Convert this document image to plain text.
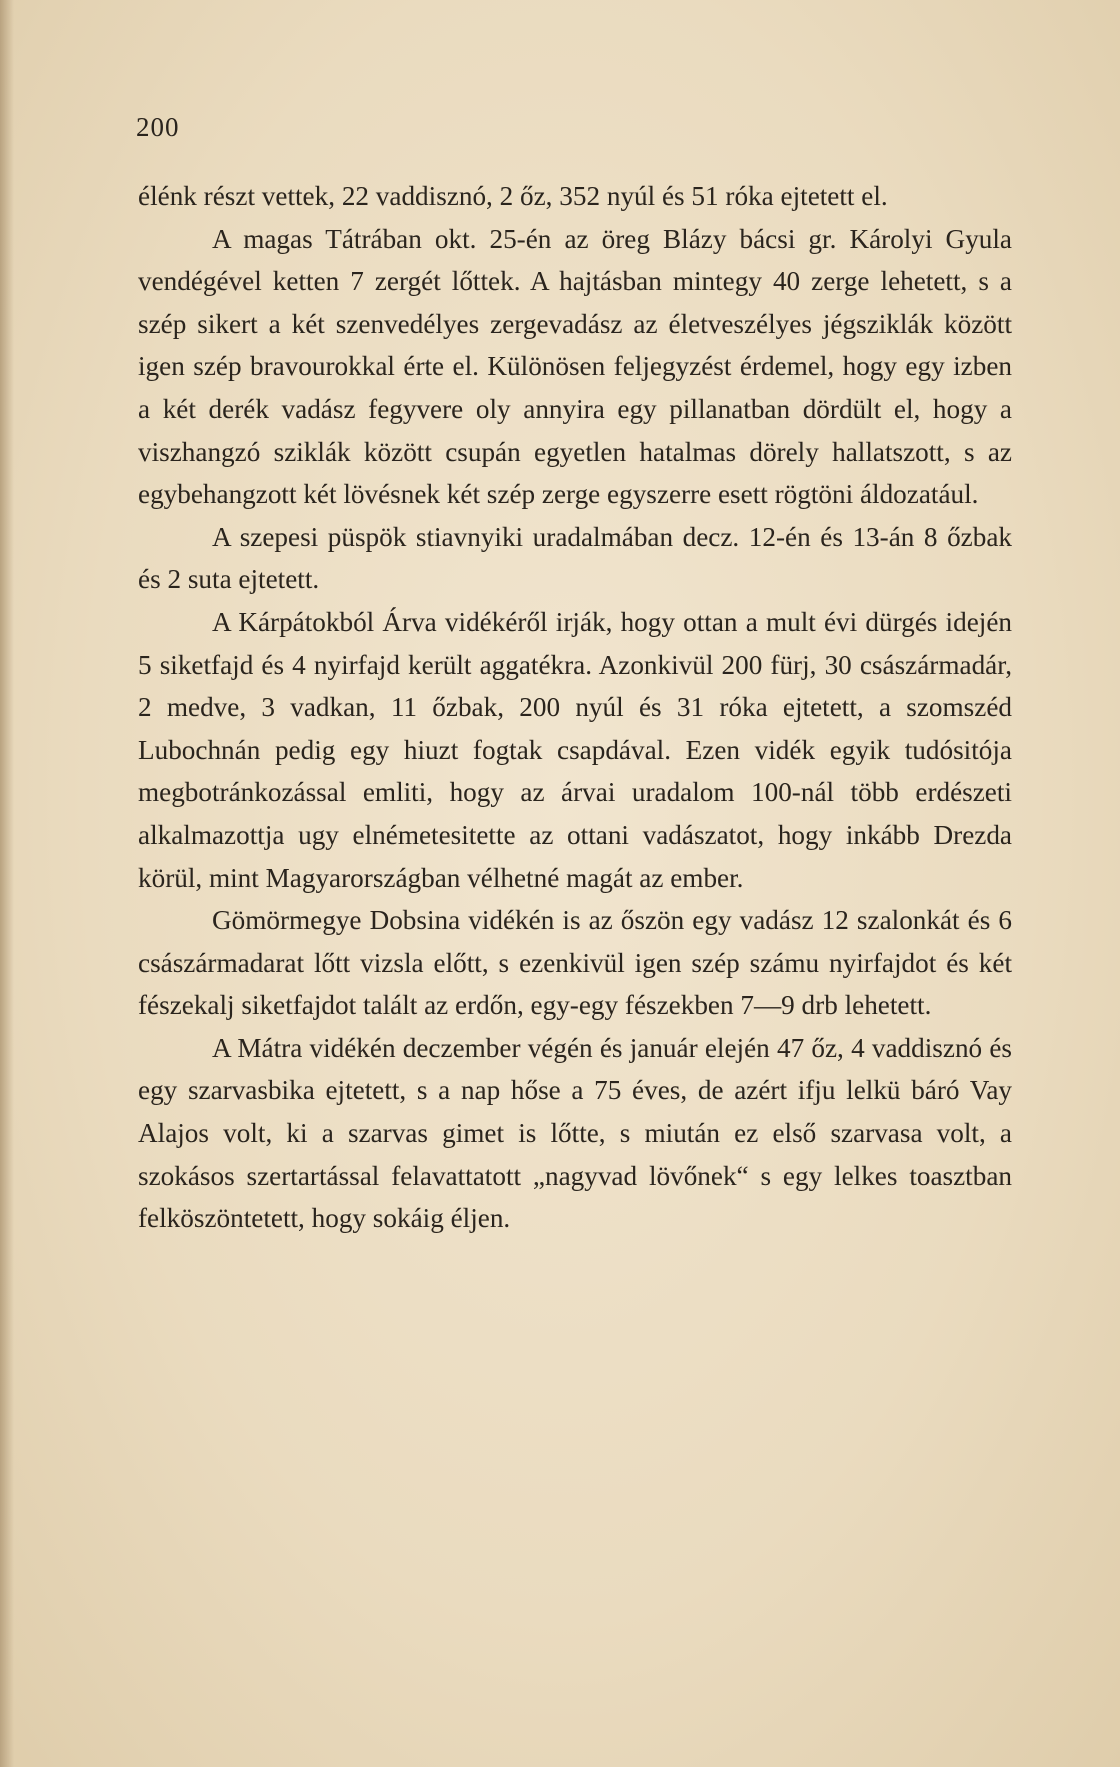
200

élénk részt vettek, 22 vaddisznó, 2 őz, 352 nyúl és 51 róka ejtetett el.

A magas Tátrában okt. 25-én az öreg Blázy bácsi gr. Károlyi Gyula vendégével ketten 7 zergét lőttek. A hajtásban mintegy 40 zerge lehetett, s a szép sikert a két szenvedélyes zergevadász az életveszélyes jégsziklák között igen szép bravourokkal érte el. Különösen feljegyzést érdemel, hogy egy izben a két derék vadász fegyvere oly annyira egy pillanatban dördült el, hogy a viszhangzó sziklák között csupán egyetlen hatalmas dörely hallatszott, s az egybehangzott két lövésnek két szép zerge egyszerre esett rögtöni áldozatául.

A szepesi püspök stiavnyiki uradalmában decz. 12-én és 13-án 8 őzbak és 2 suta ejtetett.

A Kárpátokból Árva vidékéről irják, hogy ottan a mult évi dürgés idején 5 siketfajd és 4 nyirfajd került aggatékra. Azonkivül 200 fürj, 30 császármadár, 2 medve, 3 vadkan, 11 őzbak, 200 nyúl és 31 róka ejtetett, a szomszéd Lubochnán pedig egy hiuzt fogtak csapdával. Ezen vidék egyik tudósitója megbotránkozással emliti, hogy az árvai uradalom 100-nál több erdészeti alkalmazottja ugy elnémetesitette az ottani vadászatot, hogy inkább Drezda körül, mint Magyarországban vélhetné magát az ember.

Gömörmegye Dobsina vidékén is az őszön egy vadász 12 szalonkát és 6 császármadarat lőtt vizsla előtt, s ezenkivül igen szép számu nyirfajdot és két fészekalj siketfajdot talált az erdőn, egy-egy fészekben 7—9 drb lehetett.

A Mátra vidékén deczember végén és január elején 47 őz, 4 vaddisznó és egy szarvasbika ejtetett, s a nap hőse a 75 éves, de azért ifju lelkü báró Vay Alajos volt, ki a szarvas gimet is lőtte, s miután ez első szarvasa volt, a szokásos szertartással felavattatott „nagyvad lövőnek“ s egy lelkes toasztban felköszöntetett, hogy sokáig éljen.
